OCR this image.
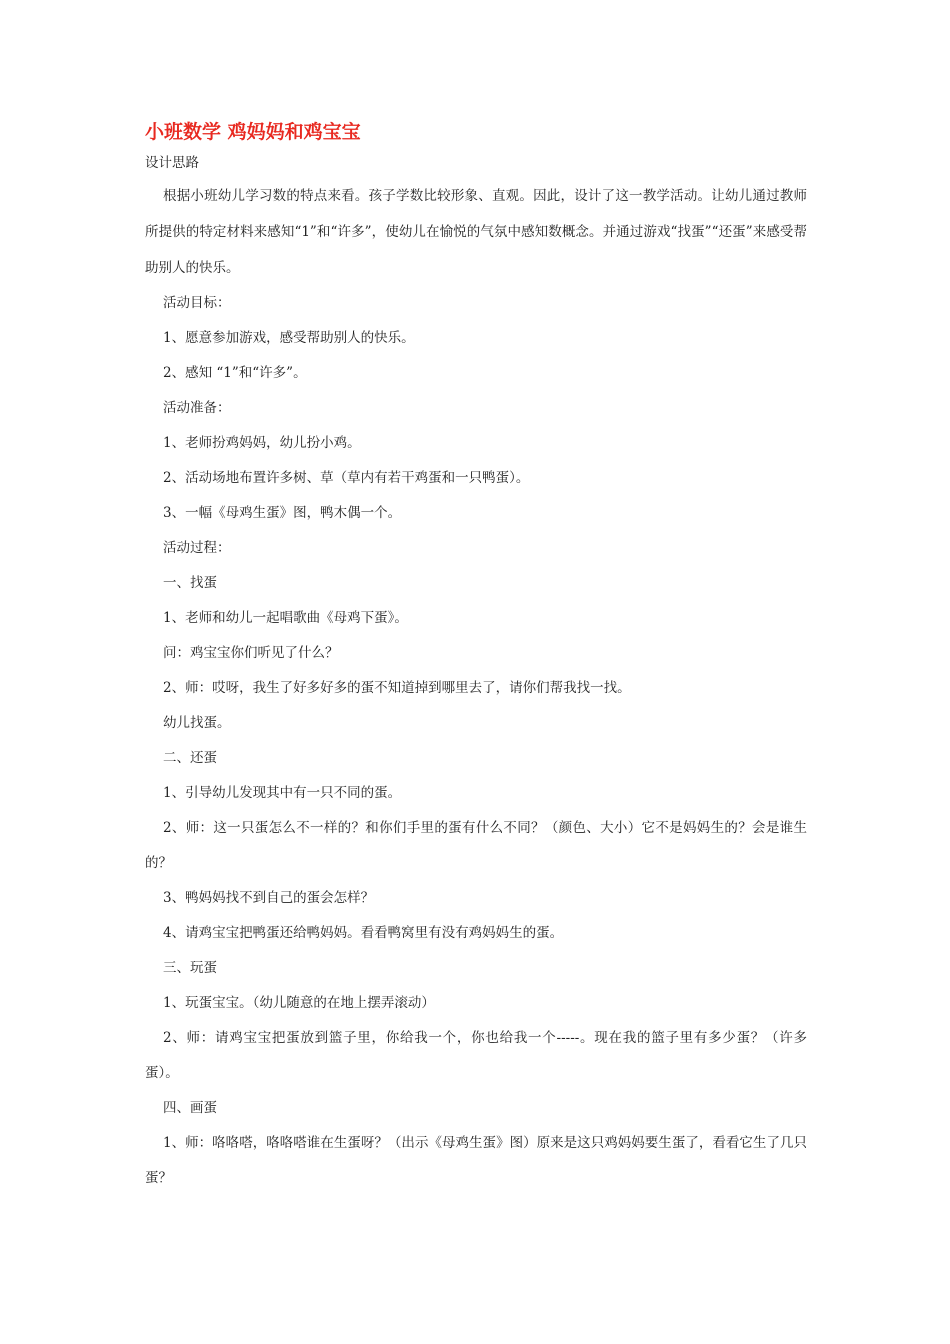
小班数学 鸡妈妈和鸡宝宝

设计思路

根据小班幼儿学习数的特点来看。孩子学数比较形象、直观。因此，设计了这一教学活动。让幼儿通过教师所提供的特定材料来感知“1”和“许多”，使幼儿在愉悦的气氛中感知数概念。并通过游戏“找蛋”“还蛋”来感受帮助别人的快乐。

活动目标：

1、愿意参加游戏，感受帮助别人的快乐。

2、感知 “1”和“许多”。

活动准备：

1、老师扮鸡妈妈，幼儿扮小鸡。

2、活动场地布置许多树、草（草内有若干鸡蛋和一只鸭蛋）。

3、一幅《母鸡生蛋》图，鸭木偶一个。

活动过程：

一、找蛋

1、老师和幼儿一起唱歌曲《母鸡下蛋》。

问：鸡宝宝你们听见了什么？

2、师：哎呀，我生了好多好多的蛋不知道掉到哪里去了，请你们帮我找一找。

幼儿找蛋。

二、还蛋

1、引导幼儿发现其中有一只不同的蛋。

2、师：这一只蛋怎么不一样的？和你们手里的蛋有什么不同？（颜色、大小）它不是妈妈生的？会是谁生的？

3、鸭妈妈找不到自己的蛋会怎样？

4、请鸡宝宝把鸭蛋还给鸭妈妈。看看鸭窝里有没有鸡妈妈生的蛋。

三、玩蛋

1、玩蛋宝宝。（幼儿随意的在地上摆弄滚动）

2、师：请鸡宝宝把蛋放到篮子里，你给我一个，你也给我一个-----。现在我的篮子里有多少蛋？（许多蛋）。

四、画蛋

1、师：咯咯嗒，咯咯嗒谁在生蛋呀？（出示《母鸡生蛋》图）原来是这只鸡妈妈要生蛋了，看看它生了几只蛋？
